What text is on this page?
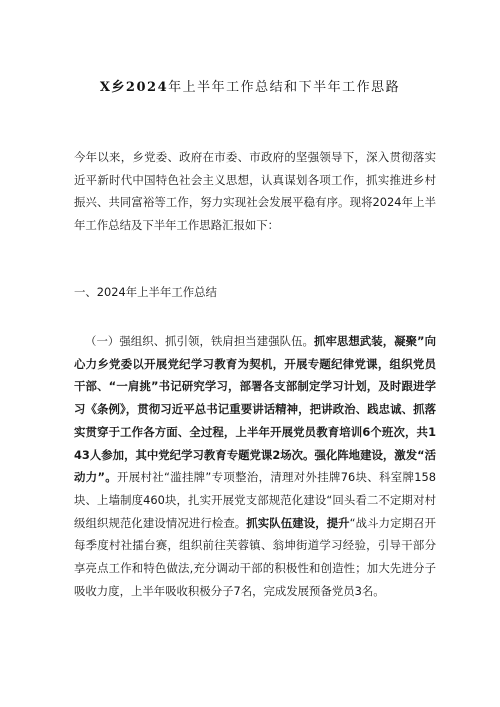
X乡2024年上半年工作总结和下半年工作思路

今年以来，乡党委、政府在市委、市政府的坚强领导下，深入贯彻落实近平新时代中国特色社会主义思想，认真谋划各项工作，抓实推进乡村振兴、共同富裕等工作，努力实现社会发展平稳有序。现将2024年上半年工作总结及下半年工作思路汇报如下：

一、2024年上半年工作总结

（一）强组织、抓引领，铁肩担当建强队伍。抓牢思想武装，凝聚”向心力乡党委以开展党纪学习教育为契机，开展专题纪律党课，组织党员干部、“一肩挑”书记研究学习，部署各支部制定学习计划，及时跟进学习《条例》，贯彻习近平总书记重要讲话精神，把讲政治、践忠诚、抓落实贯穿于工作各方面、全过程，上半年开展党员教育培训6个班次，共143人参加，其中党纪学习教育专题党课2场次。强化阵地建设，激发“活动力”。开展村社“滥挂牌”专项整治，清理对外挂牌76块、科室牌158块、上墙制度460块，扎实开展党支部规范化建设“回头看二不定期对村级组织规范化建设情况进行检查。抓实队伍建设，提升“战斗力定期召开每季度村社擂台赛，组织前往芙蓉镇、翁坤街道学习经验，引导干部分享亮点工作和特色做法,充分调动干部的积极性和创造性；加大先进分子吸收力度，上半年吸收积极分子7名，完成发展预备党员3名。
